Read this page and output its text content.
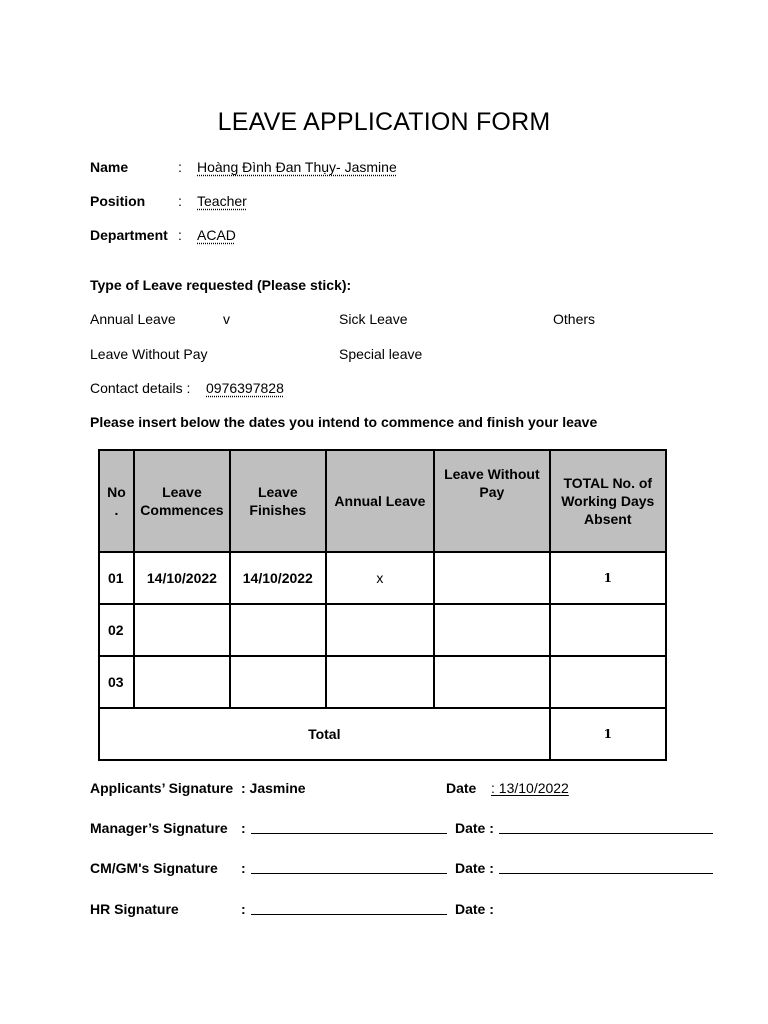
LEAVE APPLICATION FORM
Name	: Hoàng Đình Đan Thụy- Jasmine
Position : Teacher
Department : ACAD
Type of Leave requested (Please stick):
Annual Leave	v	Sick Leave	Others
Leave Without Pay	Special leave
Contact details : 0976397828
Please insert below the dates you intend to commence and finish your leave
No .	Leave Commences	Leave Finishes	Annual Leave	Leave Without Pay	TOTAL No. of Working Days Absent
01	14/10/2022	14/10/2022	x		1
02					
03					
Total					1
Applicants’ Signature : Jasmine	Date : 13/10/2022
Manager’s Signature :	Date :
CM/GM's Signature :	Date :
HR Signature	:	Date :
